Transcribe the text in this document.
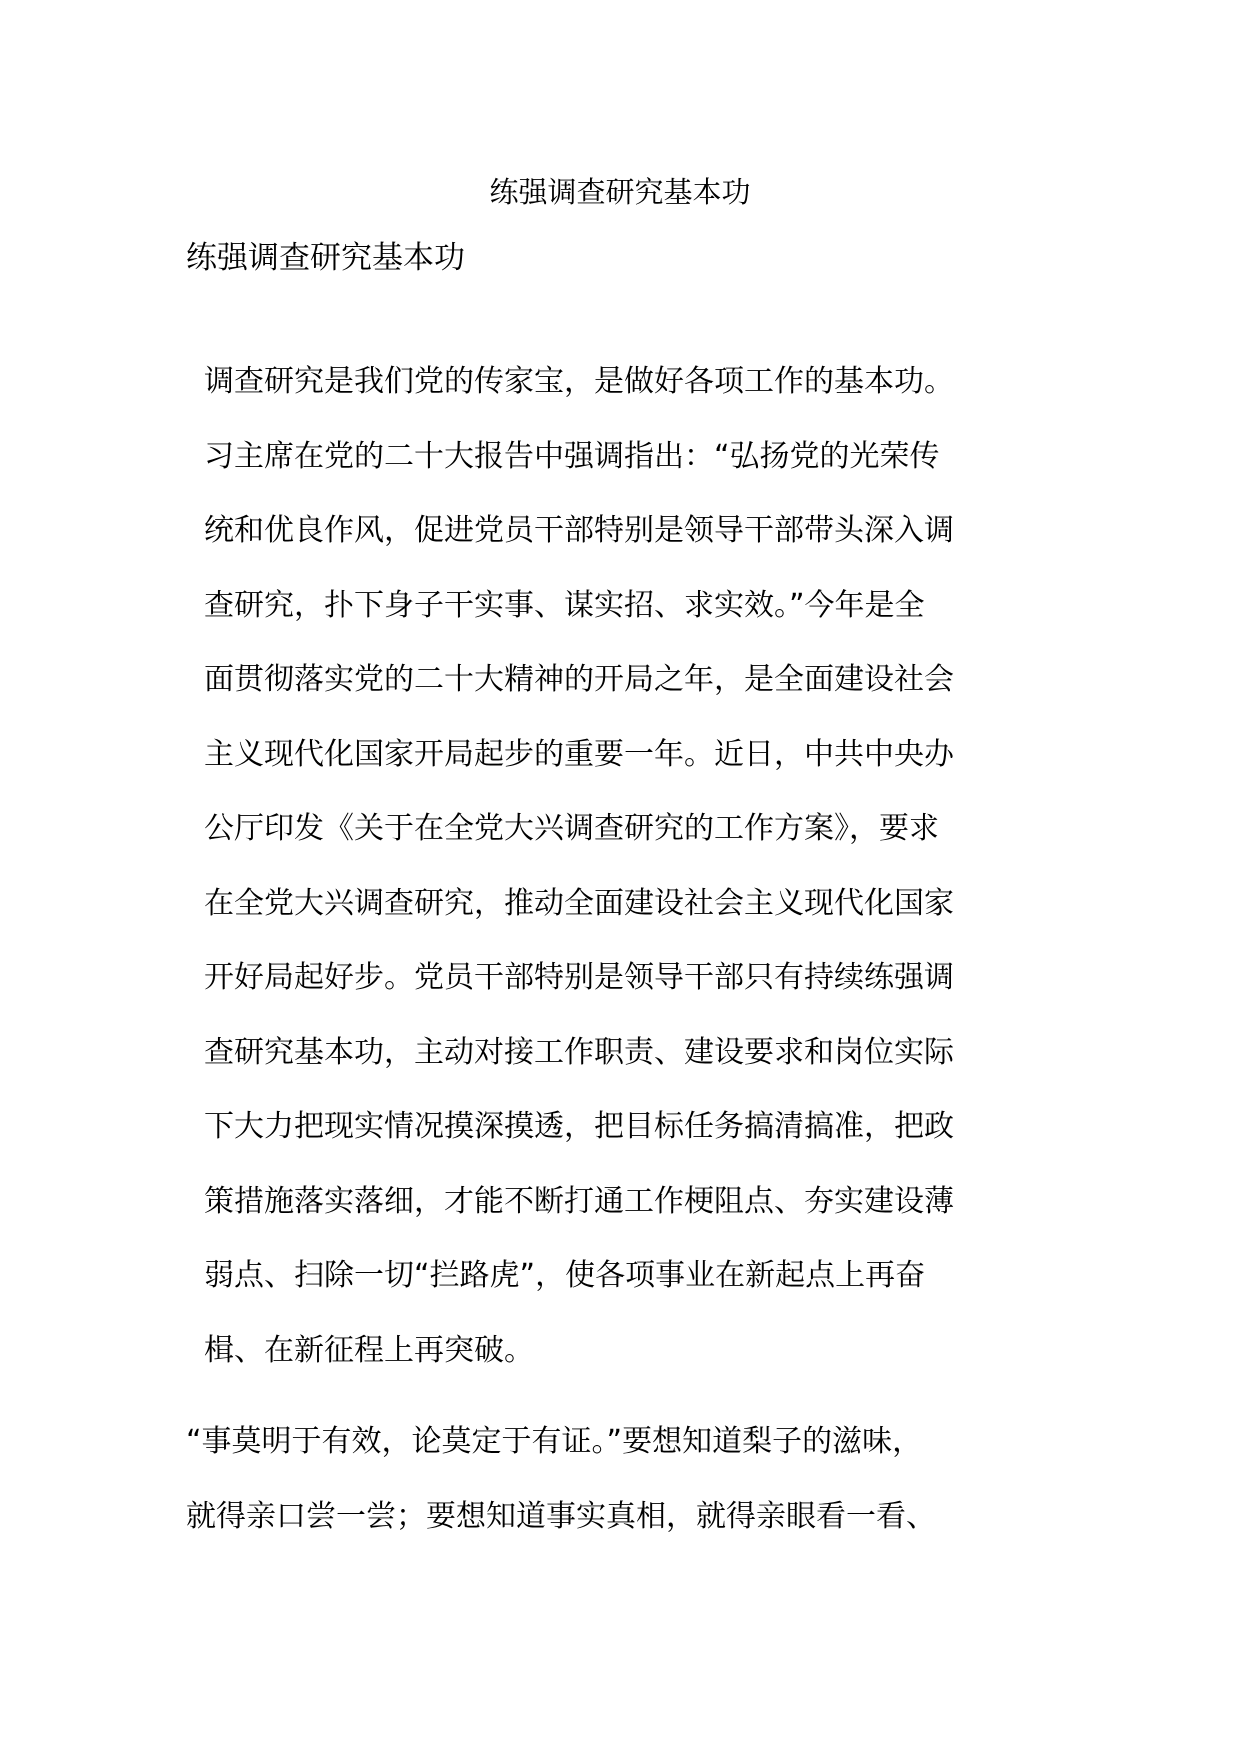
练强调查研究基本功
练强调查研究基本功

调查研究是我们党的传家宝，是做好各项工作的基本功。
习主席在党的二十大报告中强调指出：“弘扬党的光荣传
统和优良作风，促进党员干部特别是领导干部带头深入调
查研究，扑下身子干实事、谋实招、求实效。”今年是全
面贯彻落实党的二十大精神的开局之年，是全面建设社会
主义现代化国家开局起步的重要一年。近日，中共中央办
公厅印发《关于在全党大兴调查研究的工作方案》，要求
在全党大兴调查研究，推动全面建设社会主义现代化国家
开好局起好步。党员干部特别是领导干部只有持续练强调
查研究基本功，主动对接工作职责、建设要求和岗位实际
下大力把现实情况摸深摸透，把目标任务搞清搞准，把政
策措施落实落细，才能不断打通工作梗阻点、夯实建设薄
弱点、扫除一切“拦路虎”，使各项事业在新起点上再奋
楫、在新征程上再突破。

“事莫明于有效，论莫定于有证。”要想知道梨子的滋味，
就得亲口尝一尝；要想知道事实真相，就得亲眼看一看、
